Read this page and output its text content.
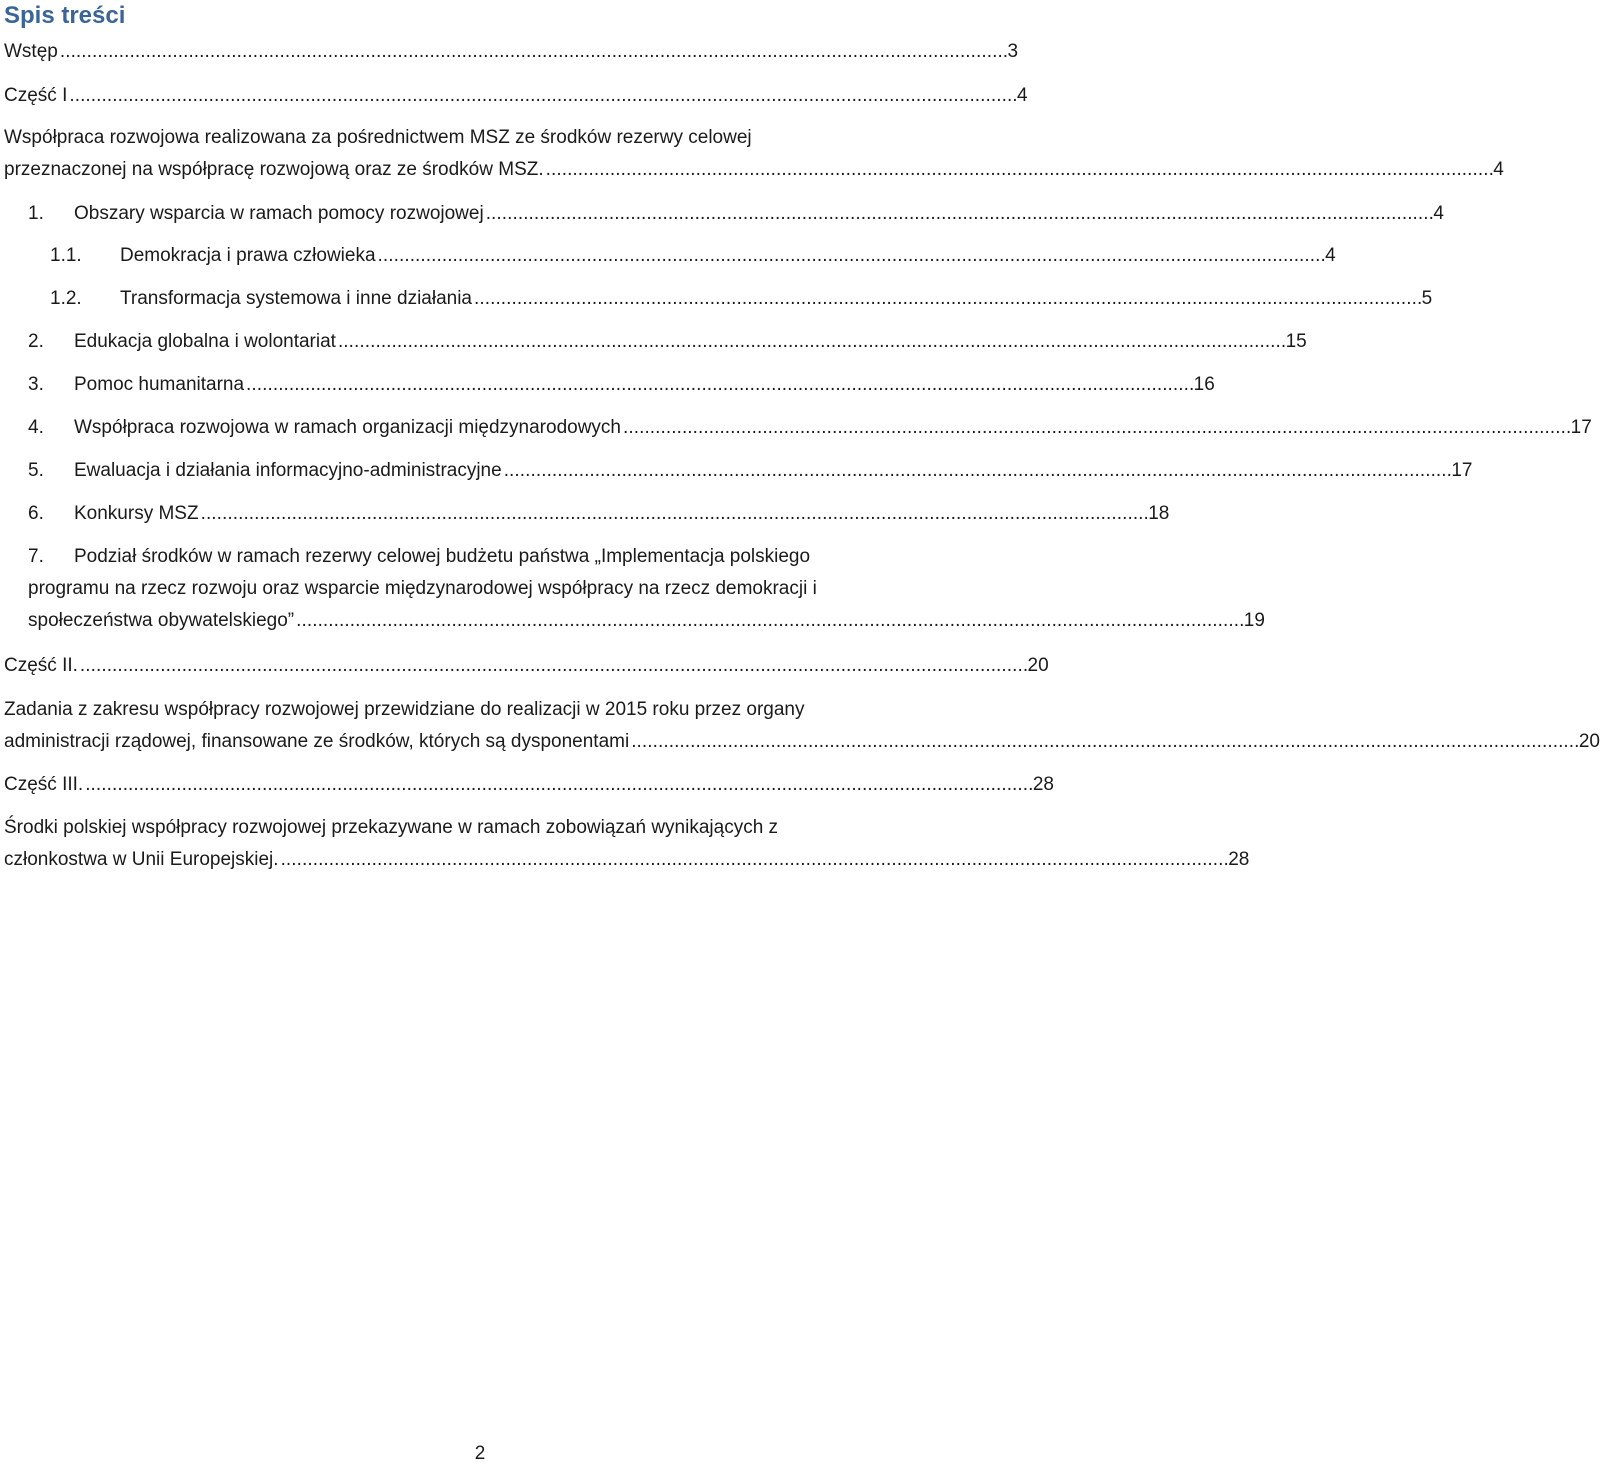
Spis treści
Wstęp . . .	3
Część I . . .	4
Współpraca rozwojowa realizowana za pośrednictwem MSZ ze środków rezerwy celowej
przeznaczonej na współpracę rozwojową oraz ze środków MSZ. . . .	4
1.	Obszary wsparcia w ramach pomocy rozwojowej . . .	4
1.1.	Demokracja i prawa człowieka . . .	4
1.2.	Transformacja systemowa i inne działania . . .	5
2.	Edukacja globalna i wolontariat . . .	15
3.	Pomoc humanitarna . . .	16
4.	Współpraca rozwojowa w ramach organizacji międzynarodowych . . .	17
5.	Ewaluacja i działania informacyjno-administracyjne . . .	17
6.	Konkursy MSZ . . .	18
7. Podział środków w ramach rezerwy celowej budżetu państwa „Implementacja polskiego
programu na rzecz rozwoju oraz wsparcie międzynarodowej współpracy na rzecz demokracji i
społeczeństwa obywatelskiego” . . .	19
Część II. . . .	20
Zadania z zakresu współpracy rozwojowej przewidziane do realizacji w 2015 roku przez organy
administracji rządowej, finansowane ze środków, których są dysponentami . . .	20
Część III. . . .	28
Środki polskiej współpracy rozwojowej przekazywane w ramach zobowiązań wynikających z
członkostwa w Unii Europejskiej. . . .	28
2
